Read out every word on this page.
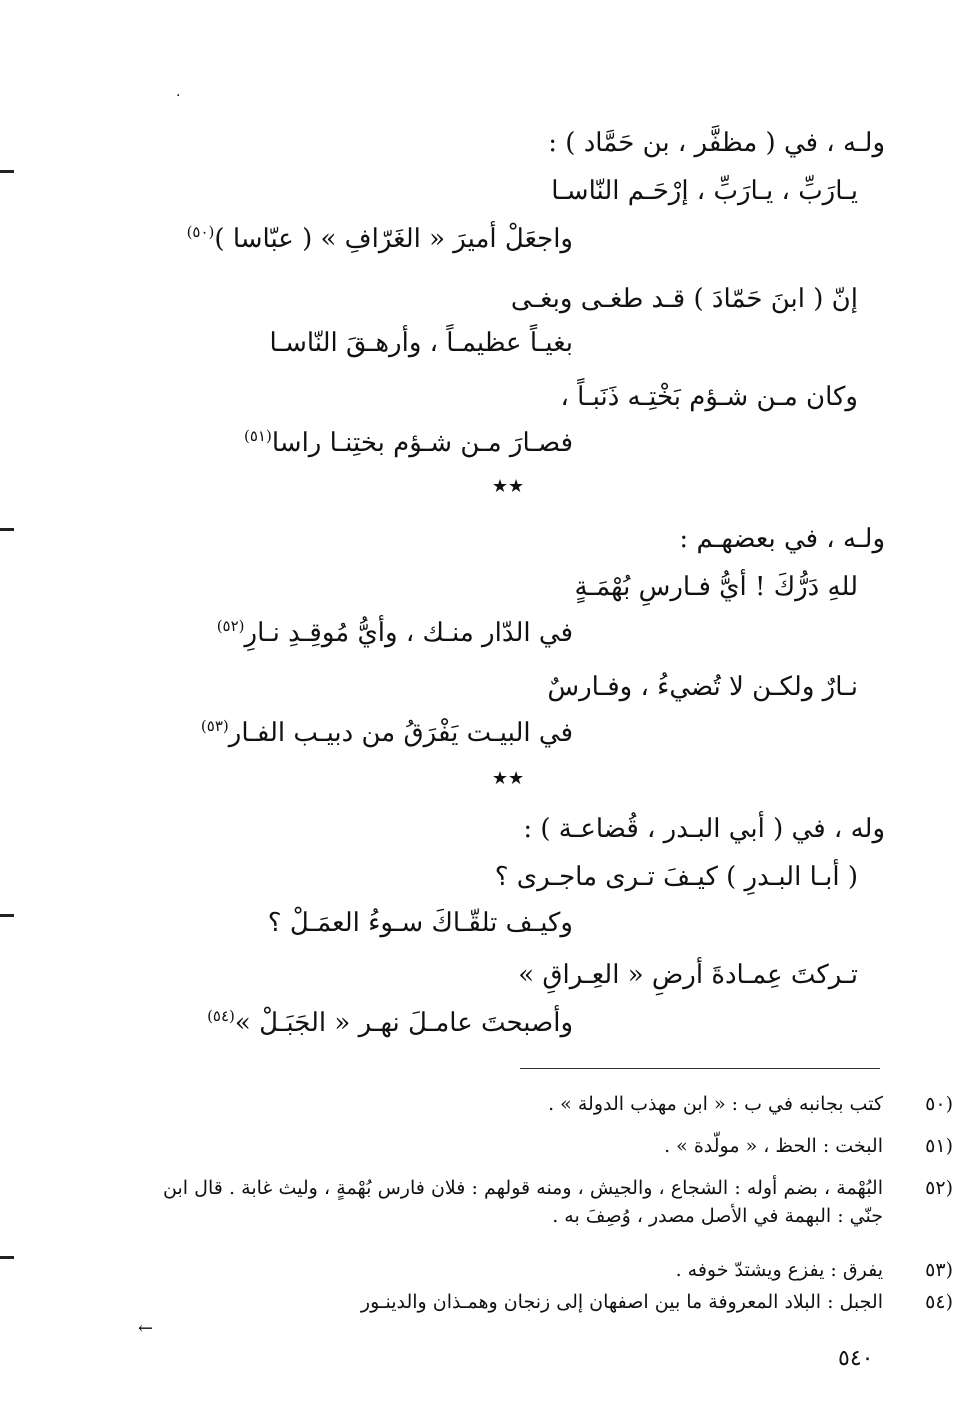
·
ولـه ، في ( مظفَّر ، بن حَمَّاد ) :
يـارَبِّ ، يـارَبِّ ، إرْحَـم النّاسـا
واجعَلْ أميرَ « الغَرّافِ » ( عبّاسا )$^{(٥٠)}$
إنّ ( ابنَ حَمّادَ ) قـد طغـى وبغـى
بغيـاً عظيمـاً ، وأرهـقَ النّاسـا
وكان مـن شـؤم بَخْتِـه ذَنَبـاً ،
فصـارَ مـن شـؤم بختِنـا راسا$^{(٥١)}$
★★
ولـه ، في بعضهـم :
للهِ دَرُّكَ ! أيُّ فـارسِ بُهْمَـةٍ
في الدّار منـك ، وأيُّ مُوقِـدِ نـارِ$^{(٥٢)}$
نـارٌ ولكـن لا تُضيءُ ، وفـارسٌ
في البيـت يَفْرَقُ من دبيـب الفـار$^{(٥٣)}$
★★
وله ، في ( أبي البـدر ، قُضاعـة ) :
( أبـا البـدرِ ) كيـفَ تـرى ماجـرى ؟
وكيـف تلقّـاكَ سـوءُ العمَـلْ ؟
تـركتَ عِمـادةَ أرضِ « العِـراقِ »
وأصبحتَ عامـلَ نهـر « الجَبَـلْ »$^{(٥٤)}$
(٥٠
كتب بجانبه في ب : « ابن مهذب الدولة » .
(٥١
البخت : الحظ ، « مولّدة » .
(٥٢
البُهْمة ، بضم أوله : الشجاع ، والجيش ، ومنه قولهم : فلان فارس بُهْمةٍ ، وليث غابة . قال ابن جنّي : البهمة في الأصل مصدر ، وُصِفَ به .
(٥٣
يفرق : يفزع ويشتدّ خوفه .
(٥٤
الجبل : البلاد المعروفة ما بين اصفهان إلى زنجان وهمـذان والدينـور
←
٥٤٠
